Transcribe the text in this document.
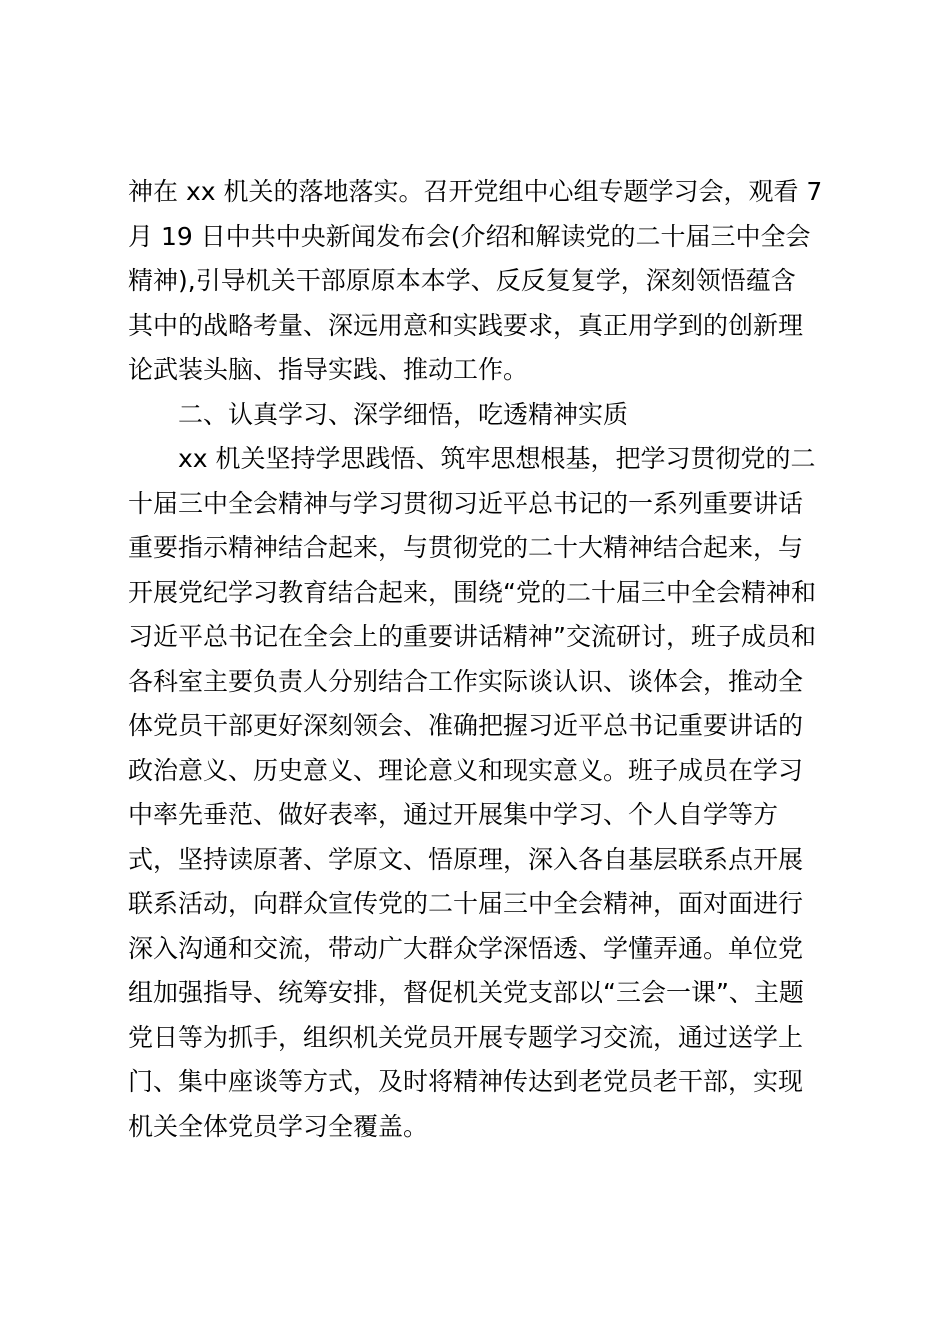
神在 xx 机关的落地落实。召开党组中心组专题学习会，观看 7
月 19 日中共中央新闻发布会(介绍和解读党的二十届三中全会
精神),引导机关干部原原本本学、反反复复学，深刻领悟蕴含
其中的战略考量、深远用意和实践要求，真正用学到的创新理
论武装头脑、指导实践、推动工作。
二、认真学习、深学细悟，吃透精神实质
xx 机关坚持学思践悟、筑牢思想根基，把学习贯彻党的二
十届三中全会精神与学习贯彻习近平总书记的一系列重要讲话
重要指示精神结合起来，与贯彻党的二十大精神结合起来，与
开展党纪学习教育结合起来，围绕“党的二十届三中全会精神和
习近平总书记在全会上的重要讲话精神”交流研讨，班子成员和
各科室主要负责人分别结合工作实际谈认识、谈体会，推动全
体党员干部更好深刻领会、准确把握习近平总书记重要讲话的
政治意义、历史意义、理论意义和现实意义。班子成员在学习
中率先垂范、做好表率，通过开展集中学习、个人自学等方
式，坚持读原著、学原文、悟原理，深入各自基层联系点开展
联系活动，向群众宣传党的二十届三中全会精神，面对面进行
深入沟通和交流，带动广大群众学深悟透、学懂弄通。单位党
组加强指导、统筹安排，督促机关党支部以“三会一课”、主题
党日等为抓手，组织机关党员开展专题学习交流，通过送学上
门、集中座谈等方式，及时将精神传达到老党员老干部，实现
机关全体党员学习全覆盖。
